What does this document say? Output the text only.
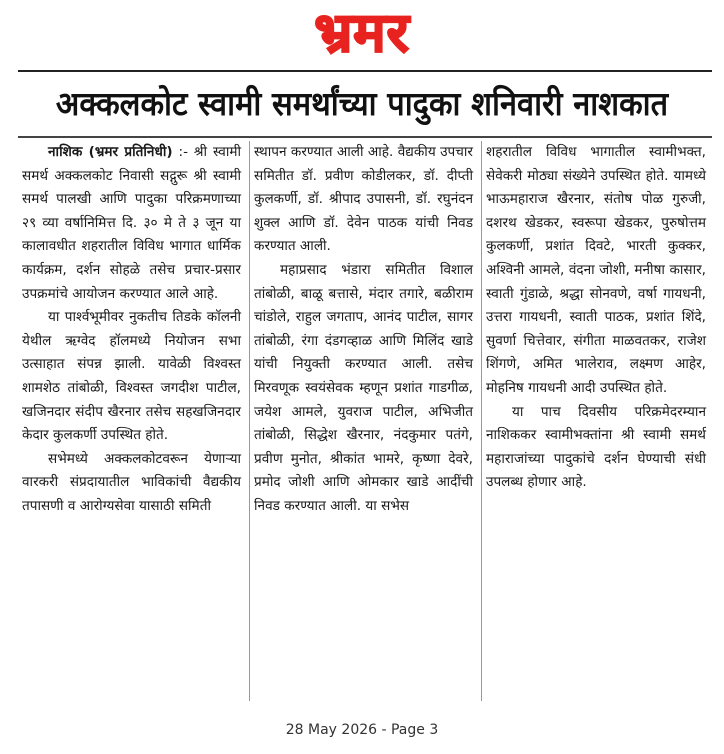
भ्रमर
अक्कलकोट स्वामी समर्थांच्या पादुका शनिवारी नाशकात

नाशिक (भ्रमर प्रतिनिधी) :- श्री स्वामी समर्थ अक्कलकोट निवासी सद्गुरू श्री स्वामी समर्थ पालखी आणि पादुका परिक्रमणाच्या २९ व्या वर्षानिमित्त दि. ३० मे ते ३ जून या कालावधीत शहरातील विविध भागात धार्मिक कार्यक्रम, दर्शन सोहळे तसेच प्रचार-प्रसार उपक्रमांचे आयोजन करण्यात आले आहे.

या पार्श्वभूमीवर नुकतीच तिडके कॉलनी येथील ऋग्वेद हॉलमध्ये नियोजन सभा उत्साहात संपन्न झाली. यावेळी विश्वस्त शामशेठ तांबोळी, विश्वस्त जगदीश पाटील, खजिनदार संदीप खैरनार तसेच सहखजिनदार केदार कुलकर्णी उपस्थित होते.

सभेमध्ये अक्कलकोटवरून येणाऱ्या वारकरी संप्रदायातील भाविकांची वैद्यकीय तपासणी व आरोग्यसेवा यासाठी समिती

स्थापन करण्यात आली आहे. वैद्यकीय उपचार समितीत डॉ. प्रवीण कोडीलकर, डॉ. दीप्ती कुलकर्णी, डॉ. श्रीपाद उपासनी, डॉ. रघुनंदन शुक्ल आणि डॉ. देवेन पाठक यांची निवड करण्यात आली.

महाप्रसाद भंडारा समितीत विशाल तांबोळी, बाळू बत्तासे, मंदार तगारे, बळीराम चांडोले, राहुल जगताप, आनंद पाटील, सागर तांबोळी, रंगा दंडगव्हाळ आणि मिलिंद खाडे यांची नियुक्ती करण्यात आली. तसेच मिरवणूक स्वयंसेवक म्हणून प्रशांत गाडगीळ, जयेश आमले, युवराज पाटील, अभिजीत तांबोळी, सिद्धेश खैरनार, नंदकुमार पतंगे, प्रवीण मुनोत, श्रीकांत भामरे, कृष्णा देवरे, प्रमोद जोशी आणि ओमकार खाडे आदींची निवड करण्यात आली. या सभेस

शहरातील विविध भागातील स्वामीभक्त, सेवेकरी मोठ्या संख्येने उपस्थित होते. यामध्ये भाऊमहाराज खैरनार, संतोष पोळ गुरुजी, दशरथ खेडकर, स्वरूपा खेडकर, पुरुषोत्तम कुलकर्णी, प्रशांत दिवटे, भारती कुक्कर, अश्विनी आमले, वंदना जोशी, मनीषा कासार, स्वाती गुंडाळे, श्रद्धा सोनवणे, वर्षा गायधनी, उत्तरा गायधनी, स्वाती पाठक, प्रशांत शिंदे, सुवर्णा चित्तेवार, संगीता माळवतकर, राजेश शिंगणे, अमित भालेराव, लक्ष्मण आहेर, मोहनिष गायधनी आदी उपस्थित होते.

या पाच दिवसीय परिक्रमेदरम्यान नाशिककर स्वामीभक्तांना श्री स्वामी समर्थ महाराजांच्या पादुकांचे दर्शन घेण्याची संधी उपलब्ध होणार आहे.

28 May 2026 - Page 3
